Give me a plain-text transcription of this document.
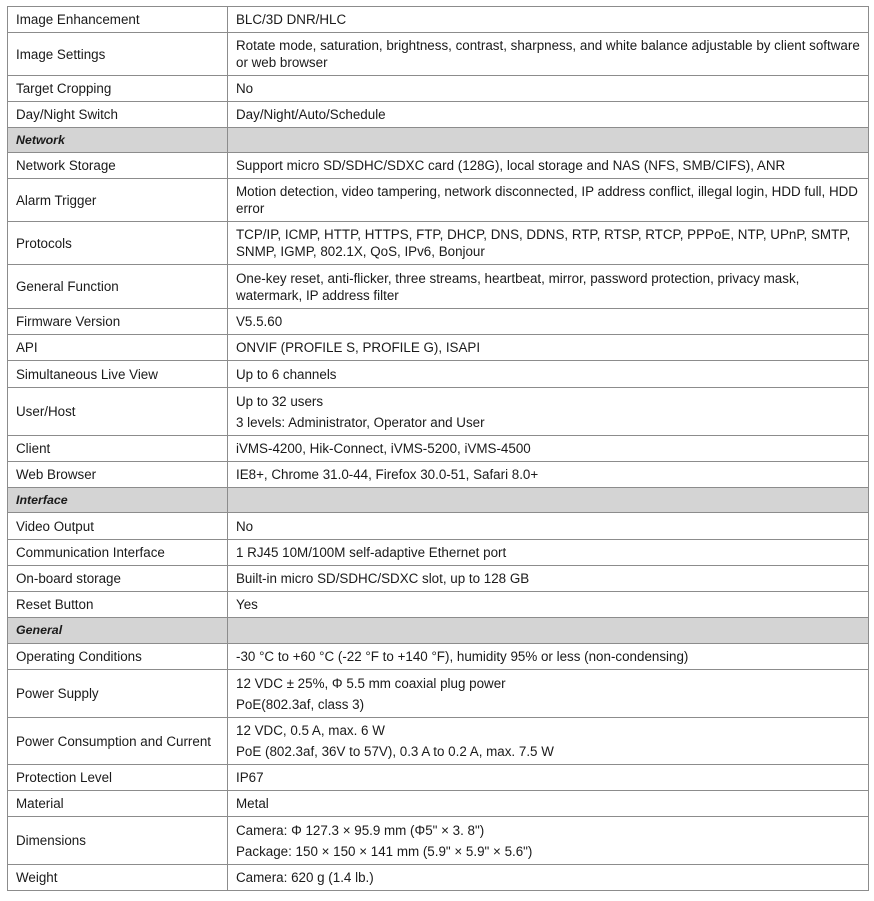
Image Enhancement	BLC/3D DNR/HLC

Image Settings	Rotate mode, saturation, brightness, contrast, sharpness, and white balance adjustable by client software or web browser

Target Cropping	No

Day/Night Switch	Day/Night/Auto/Schedule

Network	
Network Storage	Support micro SD/SDHC/SDXC card (128G), local storage and NAS (NFS, SMB/CIFS), ANR

Alarm Trigger	Motion detection, video tampering, network disconnected, IP address conflict, illegal login, HDD full, HDD error

Protocols	TCP/IP, ICMP, HTTP, HTTPS, FTP, DHCP, DNS, DDNS, RTP, RTSP, RTCP, PPPoE, NTP, UPnP, SMTP, SNMP, IGMP, 802.1X, QoS, IPv6, Bonjour

General Function	One-key reset, anti-flicker, three streams, heartbeat, mirror, password protection, privacy mask, watermark, IP address filter

Firmware Version	V5.5.60

API	ONVIF (PROFILE S, PROFILE G), ISAPI

Simultaneous Live View	Up to 6 channels

User/Host	Up to 32 users
3 levels: Administrator, Operator and User

Client	iVMS-4200, Hik-Connect, iVMS-5200, iVMS-4500

Web Browser	IE8+, Chrome 31.0-44, Firefox 30.0-51, Safari 8.0+

Interface	
Video Output	No

Communication Interface	1 RJ45 10M/100M self-adaptive Ethernet port

On-board storage	Built-in micro SD/SDHC/SDXC slot, up to 128 GB

Reset Button	Yes

General	
Operating Conditions	-30 °C to +60 °C (-22 °F to +140 °F), humidity 95% or less (non-condensing)

Power Supply	12 VDC ± 25%, Φ 5.5 mm coaxial plug power
PoE(802.3af, class 3)

Power Consumption and Current	12 VDC, 0.5 A, max. 6 W
PoE (802.3af, 36V to 57V), 0.3 A to 0.2 A, max. 7.5 W

Protection Level	IP67

Material	Metal

Dimensions	Camera: Φ 127.3 × 95.9 mm (Φ5" × 3. 8")
Package: 150 × 150 × 141 mm (5.9" × 5.9" × 5.6")

Weight	Camera: 620 g (1.4 lb.)
